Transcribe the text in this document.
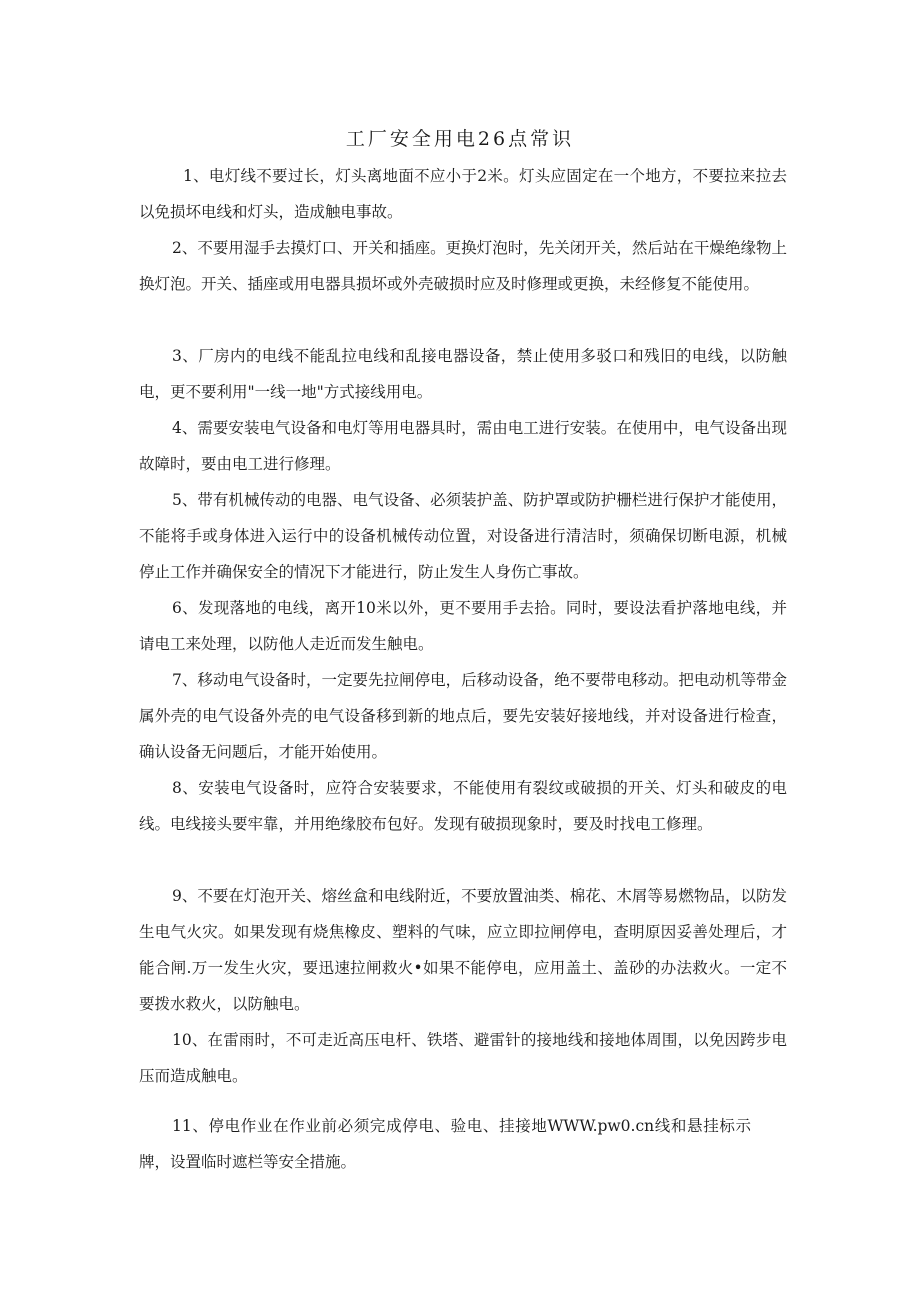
工厂安全用电26点常识

1、电灯线不要过长，灯头离地面不应小于2米。灯头应固定在一个地方，不要拉来拉去以免损坏电线和灯头，造成触电事故。

2、不要用湿手去摸灯口、开关和插座。更换灯泡时，先关闭开关，然后站在干燥绝缘物上换灯泡。开关、插座或用电器具损坏或外壳破损时应及时修理或更换，未经修复不能使用。

3、厂房内的电线不能乱拉电线和乱接电器设备，禁止使用多驳口和残旧的电线，以防触电，更不要利用"一线一地"方式接线用电。

4、需要安装电气设备和电灯等用电器具时，需由电工进行安装。在使用中，电气设备出现故障时，要由电工进行修理。

5、带有机械传动的电器、电气设备、必须装护盖、防护罩或防护栅栏进行保护才能使用，不能将手或身体进入运行中的设备机械传动位置，对设备进行清洁时，须确保切断电源，机械停止工作并确保安全的情况下才能进行，防止发生人身伤亡事故。

6、发现落地的电线，离开10米以外，更不要用手去拾。同时，要设法看护落地电线，并请电工来处理，以防他人走近而发生触电。

7、移动电气设备时，一定要先拉闸停电，后移动设备，绝不要带电移动。把电动机等带金属外壳的电气设备外壳的电气设备移到新的地点后，要先安装好接地线，并对设备进行检查，确认设备无问题后，才能开始使用。

8、安装电气设备时，应符合安装要求，不能使用有裂纹或破损的开关、灯头和破皮的电线。电线接头要牢靠，并用绝缘胶布包好。发现有破损现象时，要及时找电工修理。

9、不要在灯泡开关、熔丝盒和电线附近，不要放置油类、棉花、木屑等易燃物品，以防发生电气火灾。如果发现有烧焦橡皮、塑料的气味，应立即拉闸停电，查明原因妥善处理后，才能合闸.万一发生火灾，要迅速拉闸救火•如果不能停电，应用盖土、盖砂的办法救火。一定不要拨水救火，以防触电。

10、在雷雨时，不可走近高压电杆、铁塔、避雷针的接地线和接地体周围，以免因跨步电压而造成触电。

11、停电作业在作业前必须完成停电、验电、挂接地WWW.pw0.cn线和悬挂标示牌，设置临时遮栏等安全措施。
